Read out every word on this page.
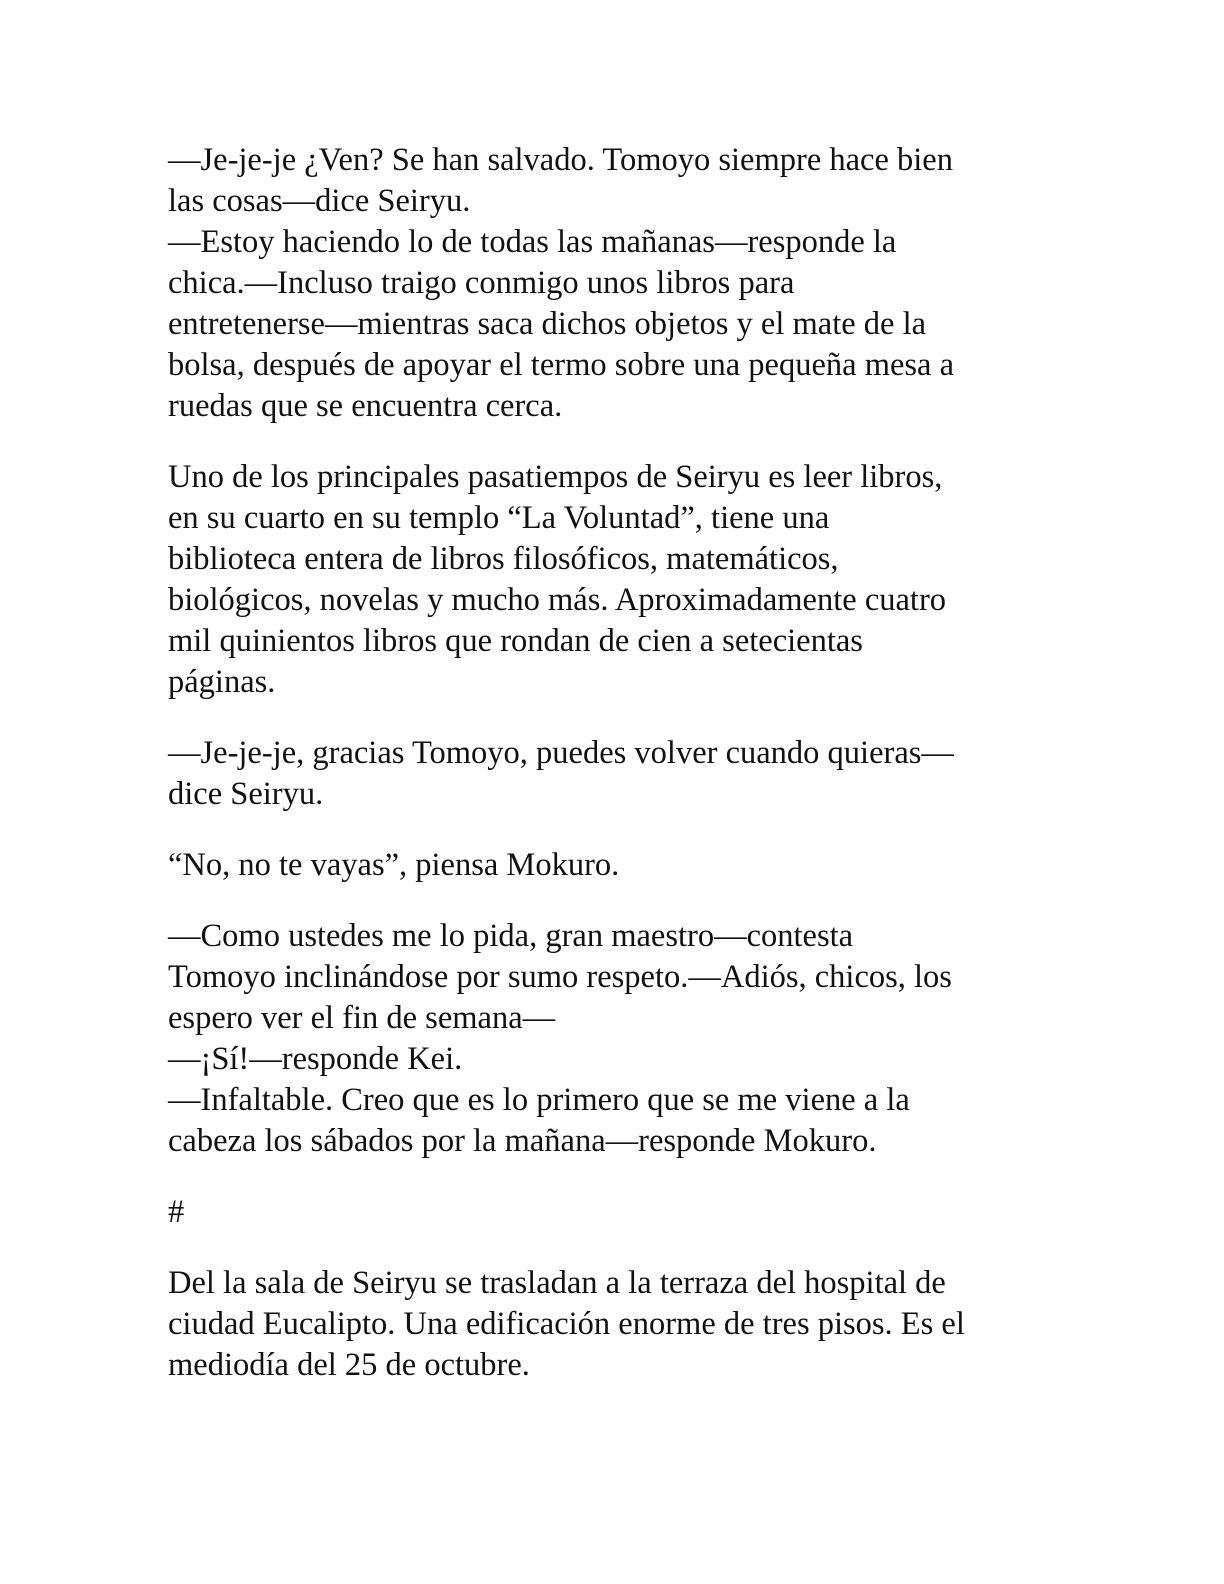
—Je-je-je ¿Ven? Se han salvado. Tomoyo siempre hace bien
las cosas—dice Seiryu.
—Estoy haciendo lo de todas las mañanas—responde la
chica.—Incluso traigo conmigo unos libros para
entretenerse—mientras saca dichos objetos y el mate de la
bolsa, después de apoyar el termo sobre una pequeña mesa a
ruedas que se encuentra cerca.

Uno de los principales pasatiempos de Seiryu es leer libros,
en su cuarto en su templo “La Voluntad”, tiene una
biblioteca entera de libros filosóficos, matemáticos,
biológicos, novelas y mucho más. Aproximadamente cuatro
mil quinientos libros que rondan de cien a setecientas
páginas.

—Je-je-je, gracias Tomoyo, puedes volver cuando quieras—
dice Seiryu.

“No, no te vayas”, piensa Mokuro.

—Como ustedes me lo pida, gran maestro—contesta
Tomoyo inclinándose por sumo respeto.—Adiós, chicos, los
espero ver el fin de semana—
—¡Sí!—responde Kei.
—Infaltable. Creo que es lo primero que se me viene a la
cabeza los sábados por la mañana—responde Mokuro.

#

Del la sala de Seiryu se trasladan a la terraza del hospital de
ciudad Eucalipto. Una edificación enorme de tres pisos. Es el
mediodía del 25 de octubre.
